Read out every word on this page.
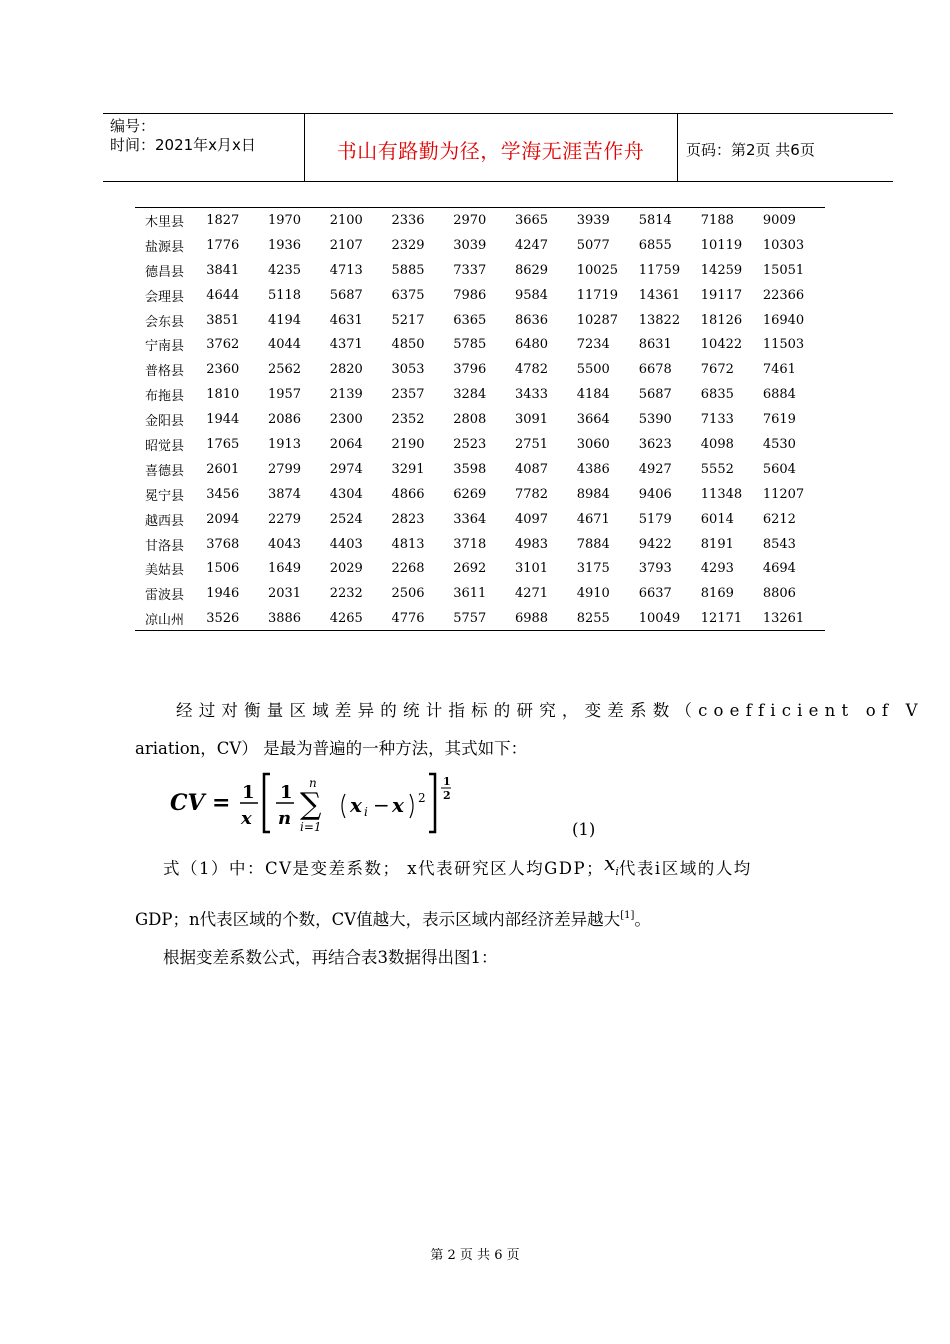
编号：
时间：2021年x月x日	书山有路勤为径，学海无涯苦作舟	页码：第2页 共6页
木里县	1827	1970	2100	2336	2970	3665	3939	5814	7188	9009
盐源县	1776	1936	2107	2329	3039	4247	5077	6855	10119	10303
德昌县	3841	4235	4713	5885	7337	8629	10025	11759	14259	15051
会理县	4644	5118	5687	6375	7986	9584	11719	14361	19117	22366
会东县	3851	4194	4631	5217	6365	8636	10287	13822	18126	16940
宁南县	3762	4044	4371	4850	5785	6480	7234	8631	10422	11503
普格县	2360	2562	2820	3053	3796	4782	5500	6678	7672	7461
布拖县	1810	1957	2139	2357	3284	3433	4184	5687	6835	6884
金阳县	1944	2086	2300	2352	2808	3091	3664	5390	7133	7619
昭觉县	1765	1913	2064	2190	2523	2751	3060	3623	4098	4530
喜德县	2601	2799	2974	3291	3598	4087	4386	4927	5552	5604
冕宁县	3456	3874	4304	4866	6269	7782	8984	9406	11348	11207
越西县	2094	2279	2524	2823	3364	4097	4671	5179	6014	6212
甘洛县	3768	4043	4403	4813	3718	4983	7884	9422	8191	8543
美姑县	1506	1649	2029	2268	2692	3101	3175	3793	4293	4694
雷波县	1946	2031	2232	2506	3611	4271	4910	6637	8169	8806
凉山州	3526	3886	4265	4776	5757	6988	8255	10049	12171	13261
经过对衡量区域差异的统计指标的研究，变差系数（coefficient of V
ariation，CV） 是最为普遍的一种方法，其式如下：
CV = 1
x
1
n
n
∑
i=1
x i − x 2
1
2
(1)
式（1）中：CV是变差系数； x代表研究区人均GDP；$x_i$代表i区域的人均
GDP；n代表区域的个数，CV值越大，表示区域内部经济差异越大[1]。
根据变差系数公式，再结合表3数据得出图1：
第 2 页 共 6 页
